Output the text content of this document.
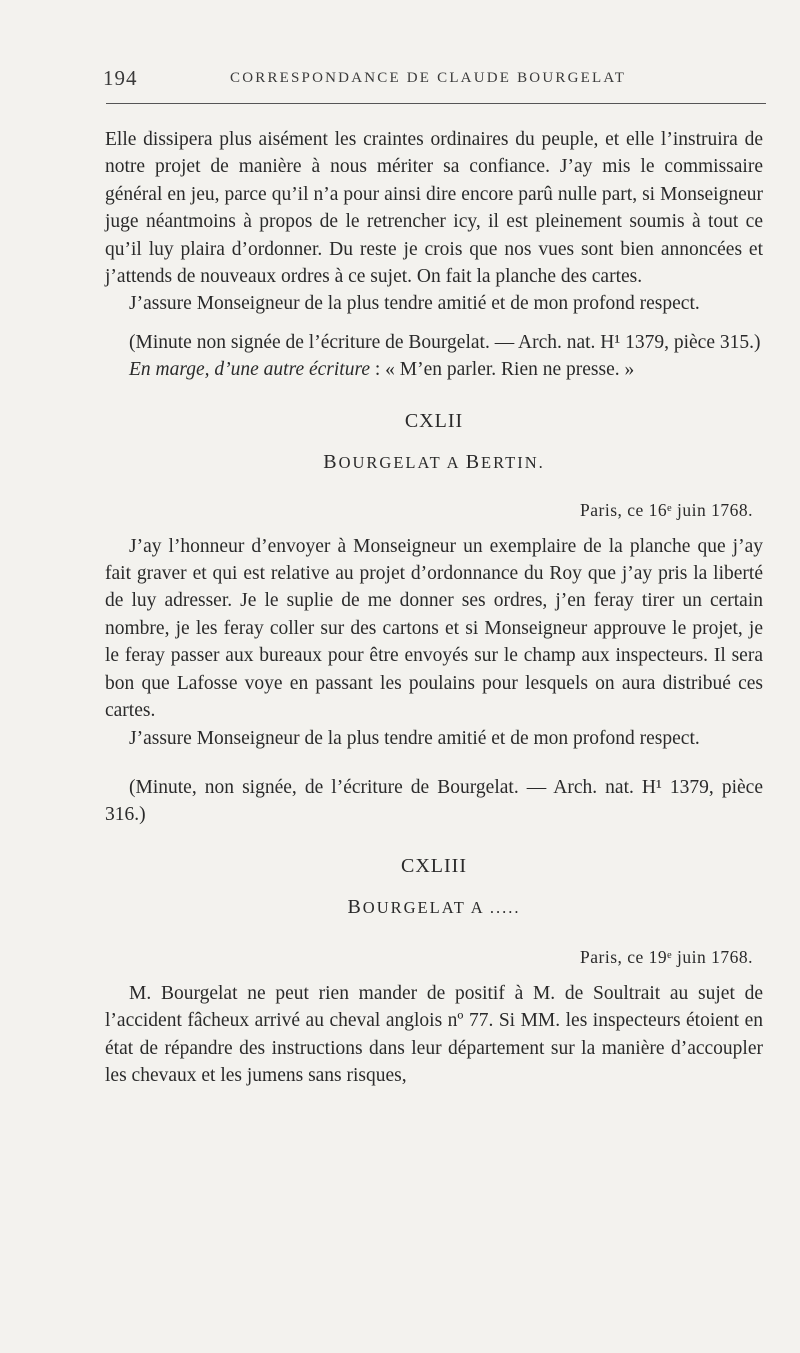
194	CORRESPONDANCE DE CLAUDE BOURGELAT

Elle dissipera plus aisément les craintes ordinaires du peuple, et elle l’instruira de notre projet de manière à nous mériter sa confiance. J’ay mis le commissaire général en jeu, parce qu’il n’a pour ainsi dire encore parû nulle part, si Monseigneur juge néantmoins à propos de le retrencher icy, il est pleinement soumis à tout ce qu’il luy plaira d’ordonner. Du reste je crois que nos vues sont bien annoncées et j’attends de nouveaux ordres à ce sujet. On fait la planche des cartes.

J’assure Monseigneur de la plus tendre amitié et de mon profond respect.

(Minute non signée de l’écriture de Bourgelat. — Arch. nat. H¹ 1379, pièce 315.)

En marge, d’une autre écriture : « M’en parler. Rien ne presse. »

CXLII
BOURGELAT A BERTIN.
Paris, ce 16ᵉ juin 1768.

J’ay l’honneur d’envoyer à Monseigneur un exemplaire de la planche que j’ay fait graver et qui est relative au projet d’ordonnance du Roy que j’ay pris la liberté de luy adresser. Je le suplie de me donner ses ordres, j’en feray tirer un certain nombre, je les feray coller sur des cartons et si Monseigneur approuve le projet, je le feray passer aux bureaux pour être envoyés sur le champ aux inspecteurs. Il sera bon que Lafosse voye en passant les poulains pour lesquels on aura distribué ces cartes.

J’assure Monseigneur de la plus tendre amitié et de mon profond respect.

(Minute, non signée, de l’écriture de Bourgelat. — Arch. nat. H¹ 1379, pièce 316.)

CXLIII
BOURGELAT A .....
Paris, ce 19ᵉ juin 1768.

M. Bourgelat ne peut rien mander de positif à M. de Soultrait au sujet de l’accident fâcheux arrivé au cheval anglois nº 77. Si MM. les inspecteurs étoient en état de répandre des instructions dans leur département sur la manière d’accoupler les chevaux et les jumens sans risques,
